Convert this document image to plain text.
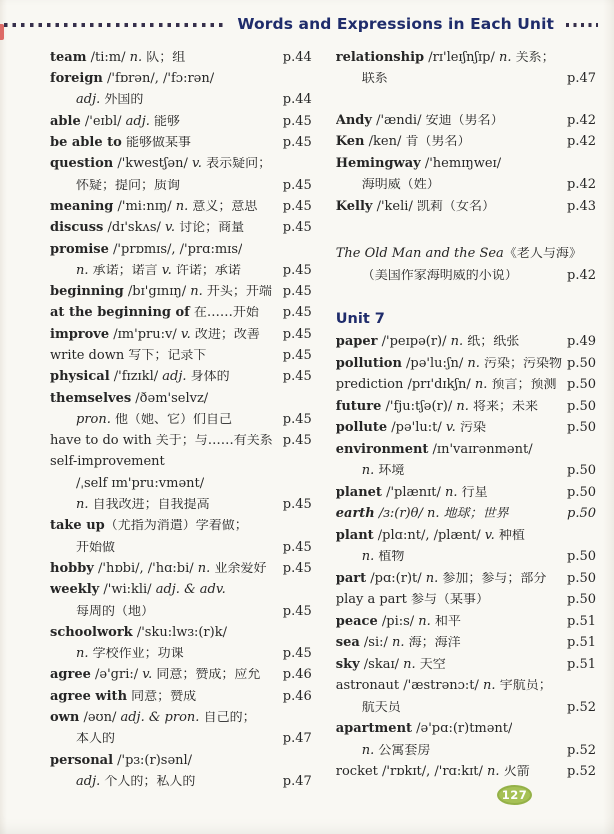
Words and Expressions in Each Unit
team /ti:m/ n. 队；组	p.44
foreign /'fɒrən/, /'fɔ:rən/
adj. 外国的	p.44
able /'eɪbl/ adj. 能够	p.45
be able to 能够做某事	p.45
question /'kwestʃən/ v. 表示疑问；
怀疑；提问；质询	p.45
meaning /'mi:nɪŋ/ n. 意义；意思	p.45
discuss /dɪ'skʌs/ v. 讨论；商量	p.45
promise /'prɒmɪs/, /'prɑ:mɪs/
n. 承诺；诺言 v. 许诺；承诺	p.45
beginning /bɪ'gɪnɪŋ/ n. 开头；开端 p.45
at the beginning of 在……开始	p.45
improve /ɪm'pru:v/ v. 改进；改善	p.45
write down 写下；记录下	p.45
physical /'fɪzɪkl/ adj. 身体的	p.45
themselves /ðəm'selvz/
pron. 他（她、它）们自己	p.45
have to do with 关于；与……有关系 p.45
self-improvement
/ˌself ɪm'pru:vmənt/
n. 自我改进；自我提高	p.45
take up（尤指为消遣）学着做；
开始做	p.45
hobby /'hɒbi/, /'hɑ:bi/ n. 业余爱好	p.45
weekly /'wi:kli/ adj. & adv.
每周的（地）	p.45
schoolwork /'sku:lwɜ:(r)k/
n. 学校作业；功课	p.45
agree /ə'gri:/ v. 同意；赞成；应允	p.46
agree with 同意；赞成	p.46
own /əʊn/ adj. & pron. 自己的；
本人的	p.47
personal /'pɜ:(r)sənl/
adj. 个人的；私人的	p.47
relationship /rɪ'leɪʃnʃɪp/ n. 关系；
联系	p.47
Andy /'ændi/ 安迪（男名）	p.42
Ken /ken/ 肯（男名）	p.42
Hemingway /'hemɪŋweɪ/
海明威（姓）	p.42
Kelly /'keli/ 凯莉（女名）	p.43
The Old Man and the Sea《老人与海》
（美国作家海明威的小说）	p.42
Unit 7
paper /'peɪpə(r)/ n. 纸；纸张	p.49
pollution /pə'lu:ʃn/ n. 污染；污染物 p.50
prediction /prɪ'dɪkʃn/ n. 预言；预测 p.50
future /'fju:tʃə(r)/ n. 将来；未来	p.50
pollute /pə'lu:t/ v. 污染	p.50
environment /ɪn'vaɪrənmənt/
n. 环境	p.50
planet /'plænɪt/ n. 行星	p.50
earth /ɜ:(r)θ/ n. 地球；世界	p.50
plant /plɑ:nt/, /plænt/ v. 种植
n. 植物	p.50
part /pɑ:(r)t/ n. 参加；参与；部分	p.50
play a part 参与（某事）	p.50
peace /pi:s/ n. 和平	p.51
sea /si:/ n. 海；海洋	p.51
sky /skaɪ/ n. 天空	p.51
astronaut /'æstrənɔ:t/ n. 宇航员；
航天员	p.52
apartment /ə'pɑ:(r)tmənt/
n. 公寓套房	p.52
rocket /'rɒkɪt/, /'rɑ:kɪt/ n. 火箭	p.52
127
